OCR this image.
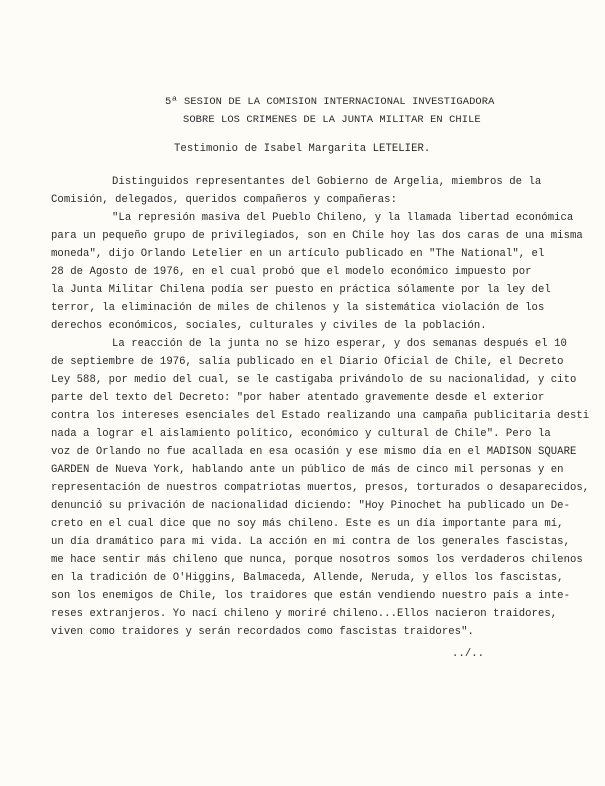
5ª SESION DE LA COMISION INTERNACIONAL INVESTIGADORA
SOBRE LOS CRIMENES DE LA JUNTA MILITAR EN CHILE
Testimonio de Isabel Margarita LETELIER.
Distinguidos representantes del Gobierno de Argelia, miembros de la
Comisión, delegados, queridos compañeros y compañeras:
"La represión masiva del Pueblo Chileno, y la llamada libertad económica
para un pequeño grupo de privilegiados, son en Chile hoy las dos caras de una misma
moneda", dijo Orlando Letelier en un artículo publicado en "The National", el
28 de Agosto de 1976, en el cual probó que el modelo económico impuesto por
la Junta Militar Chilena podía ser puesto en práctica sólamente por la ley del
terror, la eliminación de miles de chilenos y la sistemática violación de los
derechos económicos, sociales, culturales y civiles de la población.
La reacción de la junta no se hizo esperar, y dos semanas después el 10
de septiembre de 1976, salía publicado en el Diario Oficial de Chile, el Decreto
Ley 588, por medio del cual, se le castigaba privándolo de su nacionalidad, y cito
parte del texto del Decreto: "por haber atentado gravemente desde el exterior
contra los intereses esenciales del Estado realizando una campaña publicitaria desti
nada a lograr el aislamiento político, económico y cultural de Chile". Pero la
voz de Orlando no fue acallada en esa ocasión y ese mismo día en el MADISON SQUARE
GARDEN de Nueva York, hablando ante un público de más de cinco mil personas y en
representación de nuestros compatriotas muertos, presos, torturados o desaparecidos,
denunció su privación de nacionalidad diciendo: "Hoy Pinochet ha publicado un De-
creto en el cual dice que no soy más chileno. Este es un día importante para mí,
un día dramático para mi vida. La acción en mi contra de los generales fascistas,
me hace sentir más chileno que nunca, porque nosotros somos los verdaderos chilenos
en la tradición de O'Higgins, Balmaceda, Allende, Neruda, y ellos los fascistas,
son los enemigos de Chile, los traidores que están vendiendo nuestro país a inte-
reses extranjeros. Yo nací chileno y moriré chileno...Ellos nacieron traidores,
viven como traidores y serán recordados como fascistas traidores".
../..
